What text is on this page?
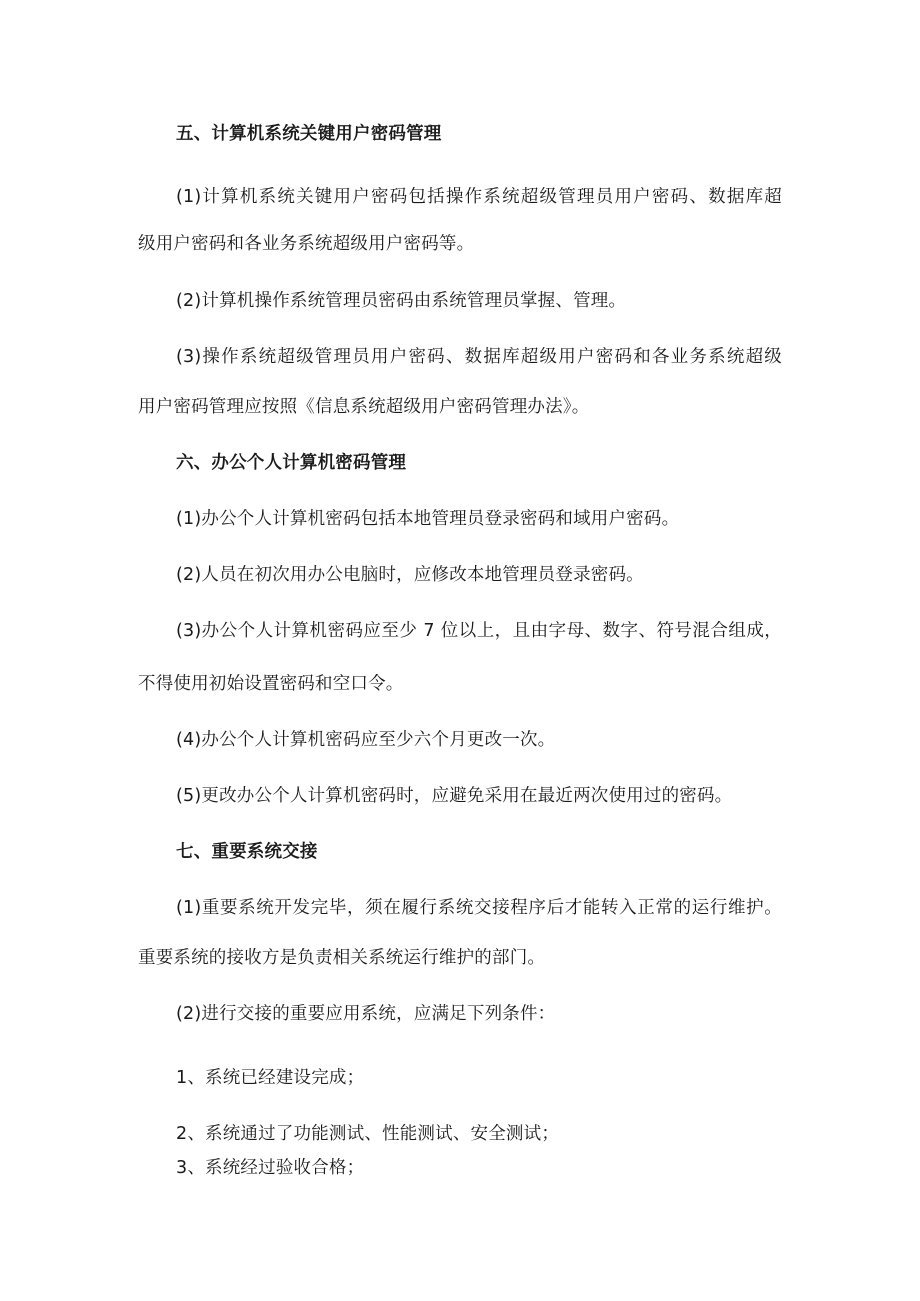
五、计算机系统关键用户密码管理
(1)计算机系统关键用户密码包括操作系统超级管理员用户密码、数据库超
级用户密码和各业务系统超级用户密码等。
(2)计算机操作系统管理员密码由系统管理员掌握、管理。
(3)操作系统超级管理员用户密码、数据库超级用户密码和各业务系统超级
用户密码管理应按照《信息系统超级用户密码管理办法》。
六、办公个人计算机密码管理
(1)办公个人计算机密码包括本地管理员登录密码和域用户密码。
(2)人员在初次用办公电脑时，应修改本地管理员登录密码。
(3)办公个人计算机密码应至少 7 位以上，且由字母、数字、符号混合组成，
不得使用初始设置密码和空口令。
(4)办公个人计算机密码应至少六个月更改一次。
(5)更改办公个人计算机密码时，应避免采用在最近两次使用过的密码。
七、重要系统交接
(1)重要系统开发完毕，须在履行系统交接程序后才能转入正常的运行维护。
重要系统的接收方是负责相关系统运行维护的部门。
(2)进行交接的重要应用系统，应满足下列条件：
1、系统已经建设完成；
2、系统通过了功能测试、性能测试、安全测试；
3、系统经过验收合格；
